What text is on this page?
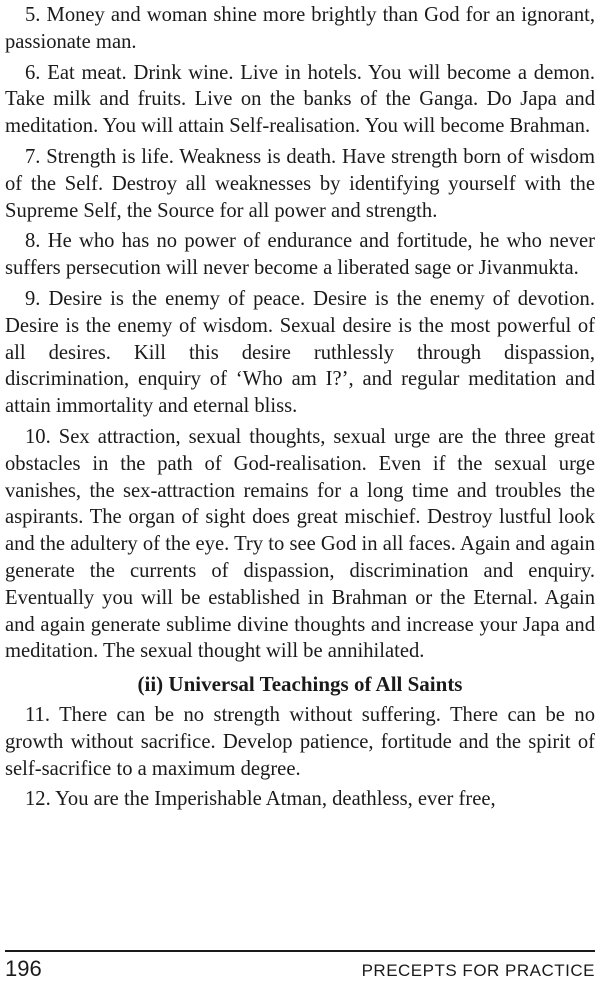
5. Money and woman shine more brightly than God for an ignorant, passionate man.

6. Eat meat. Drink wine. Live in hotels. You will become a demon. Take milk and fruits. Live on the banks of the Ganga. Do Japa and meditation. You will attain Self-realisation. You will become Brahman.

7. Strength is life. Weakness is death. Have strength born of wisdom of the Self. Destroy all weaknesses by identifying yourself with the Supreme Self, the Source for all power and strength.

8. He who has no power of endurance and fortitude, he who never suffers persecution will never become a liberated sage or Jivanmukta.

9. Desire is the enemy of peace. Desire is the enemy of devotion. Desire is the enemy of wisdom. Sexual desire is the most powerful of all desires. Kill this desire ruthlessly through dispassion, discrimination, enquiry of ‘Who am I?’, and regular meditation and attain immortality and eternal bliss.

10. Sex attraction, sexual thoughts, sexual urge are the three great obstacles in the path of God-realisation. Even if the sexual urge vanishes, the sex-attraction remains for a long time and troubles the aspirants. The organ of sight does great mischief. Destroy lustful look and the adultery of the eye. Try to see God in all faces. Again and again generate the currents of dispassion, discrimination and enquiry. Eventually you will be established in Brahman or the Eternal. Again and again generate sublime divine thoughts and increase your Japa and meditation. The sexual thought will be annihilated.

(ii) Universal Teachings of All Saints

11. There can be no strength without suffering. There can be no growth without sacrifice. Develop patience, fortitude and the spirit of self-sacrifice to a maximum degree.

12. You are the Imperishable Atman, deathless, ever free,

196	PRECEPTS FOR PRACTICE
